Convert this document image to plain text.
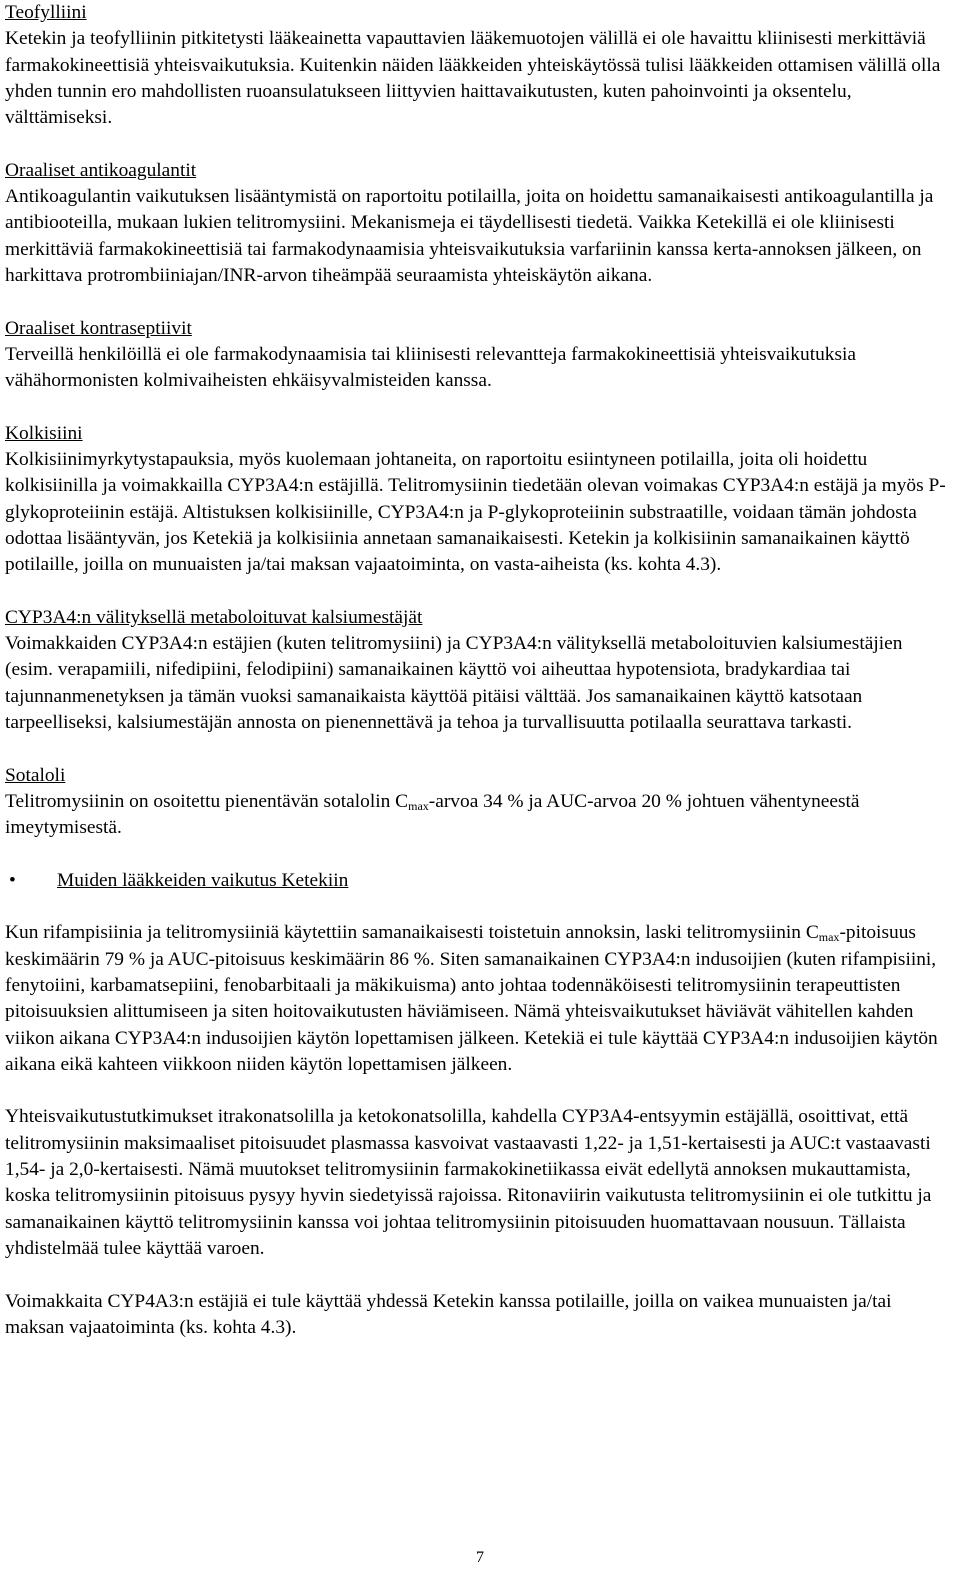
Teofylliini

Ketekin ja teofylliinin pitkitetysti lääkeainetta vapauttavien lääkemuotojen välillä ei ole havaittu kliinisesti merkittäviä farmakokineettisiä yhteisvaikutuksia. Kuitenkin näiden lääkkeiden yhteiskäytössä tulisi lääkkeiden ottamisen välillä olla yhden tunnin ero mahdollisten ruoansulatukseen liittyvien haittavaikutusten, kuten pahoinvointi ja oksentelu, välttämiseksi.

Oraaliset antikoagulantit

Antikoagulantin vaikutuksen lisääntymistä on raportoitu potilailla, joita on hoidettu samanaikaisesti antikoagulantilla ja antibiooteilla, mukaan lukien telitromysiini. Mekanismeja ei täydellisesti tiedetä. Vaikka Ketekillä ei ole kliinisesti merkittäviä farmakokineettisiä tai farmakodynaamisia yhteisvaikutuksia varfariinin kanssa kerta-annoksen jälkeen, on harkittava protrombiiniajan/INR-arvon tiheämpää seuraamista yhteiskäytön aikana.

Oraaliset kontraseptiivit

Terveillä henkilöillä ei ole farmakodynaamisia tai kliinisesti relevantteja farmakokineettisiä yhteisvaikutuksia vähähormonisten kolmivaiheisten ehkäisyvalmisteiden kanssa.

Kolkisiini

Kolkisiinimyrkytystapauksia, myös kuolemaan johtaneita, on raportoitu esiintyneen potilailla, joita oli hoidettu kolkisiinilla ja voimakkailla CYP3A4:n estäjillä. Telitromysiinin tiedetään olevan voimakas CYP3A4:n estäjä ja myös P-glykoproteiinin estäjä. Altistuksen kolkisiinille, CYP3A4:n ja P-glykoproteiinin substraatille, voidaan tämän johdosta odottaa lisääntyvän, jos Ketekiä ja kolkisiinia annetaan samanaikaisesti. Ketekin ja kolkisiinin samanaikainen käyttö potilaille, joilla on munuaisten ja/tai maksan vajaatoiminta, on vasta-aiheista (ks. kohta 4.3).

CYP3A4:n välityksellä metaboloituvat kalsiumestäjät

Voimakkaiden CYP3A4:n estäjien (kuten telitromysiini) ja CYP3A4:n välityksellä metaboloituvien kalsiumestäjien (esim. verapamiili, nifedipiini, felodipiini) samanaikainen käyttö voi aiheuttaa hypotensiota, bradykardiaa tai tajunnanmenetyksen ja tämän vuoksi samanaikaista käyttöä pitäisi välttää. Jos samanaikainen käyttö katsotaan tarpeelliseksi, kalsiumestäjän annosta on pienennettävä ja tehoa ja turvallisuutta potilaalla seurattava tarkasti.

Sotaloli

Telitromysiinin on osoitettu pienentävän sotalolin $C_{max}$-arvoa 34 % ja AUC-arvoa 20 % johtuen vähentyneestä imeytymisestä.

•	Muiden lääkkeiden vaikutus Ketekiin

Kun rifampisiinia ja telitromysiiniä käytettiin samanaikaisesti toistetuin annoksin, laski telitromysiinin $C_{max}$-pitoisuus keskimäärin 79 % ja AUC-pitoisuus keskimäärin 86 %. Siten samanaikainen CYP3A4:n indusoijien (kuten rifampisiini, fenytoiini, karbamatsepiini, fenobarbitaali ja mäkikuisma) anto johtaa todennäköisesti telitromysiinin terapeuttisten pitoisuuksien alittumiseen ja siten hoitovaikutusten häviämiseen. Nämä yhteisvaikutukset häviävät vähitellen kahden viikon aikana CYP3A4:n indusoijien käytön lopettamisen jälkeen. Ketekiä ei tule käyttää CYP3A4:n indusoijien käytön aikana eikä kahteen viikkoon niiden käytön lopettamisen jälkeen.

Yhteisvaikutustutkimukset itrakonatsolilla ja ketokonatsolilla, kahdella CYP3A4-entsyymin estäjällä, osoittivat, että telitromysiinin maksimaaliset pitoisuudet plasmassa kasvoivat vastaavasti 1,22- ja 1,51-kertaisesti ja AUC:t vastaavasti 1,54- ja 2,0-kertaisesti. Nämä muutokset telitromysiinin farmakokinetiikassa eivät edellytä annoksen mukauttamista, koska telitromysiinin pitoisuus pysyy hyvin siedetyissä rajoissa. Ritonaviirin vaikutusta telitromysiinin ei ole tutkittu ja samanaikainen käyttö telitromysiinin kanssa voi johtaa telitromysiinin pitoisuuden huomattavaan nousuun. Tällaista yhdistelmää tulee käyttää varoen.

Voimakkaita CYP4A3:n estäjiä ei tule käyttää yhdessä Ketekin kanssa potilaille, joilla on vaikea munuaisten ja/tai maksan vajaatoiminta (ks. kohta 4.3).

7
